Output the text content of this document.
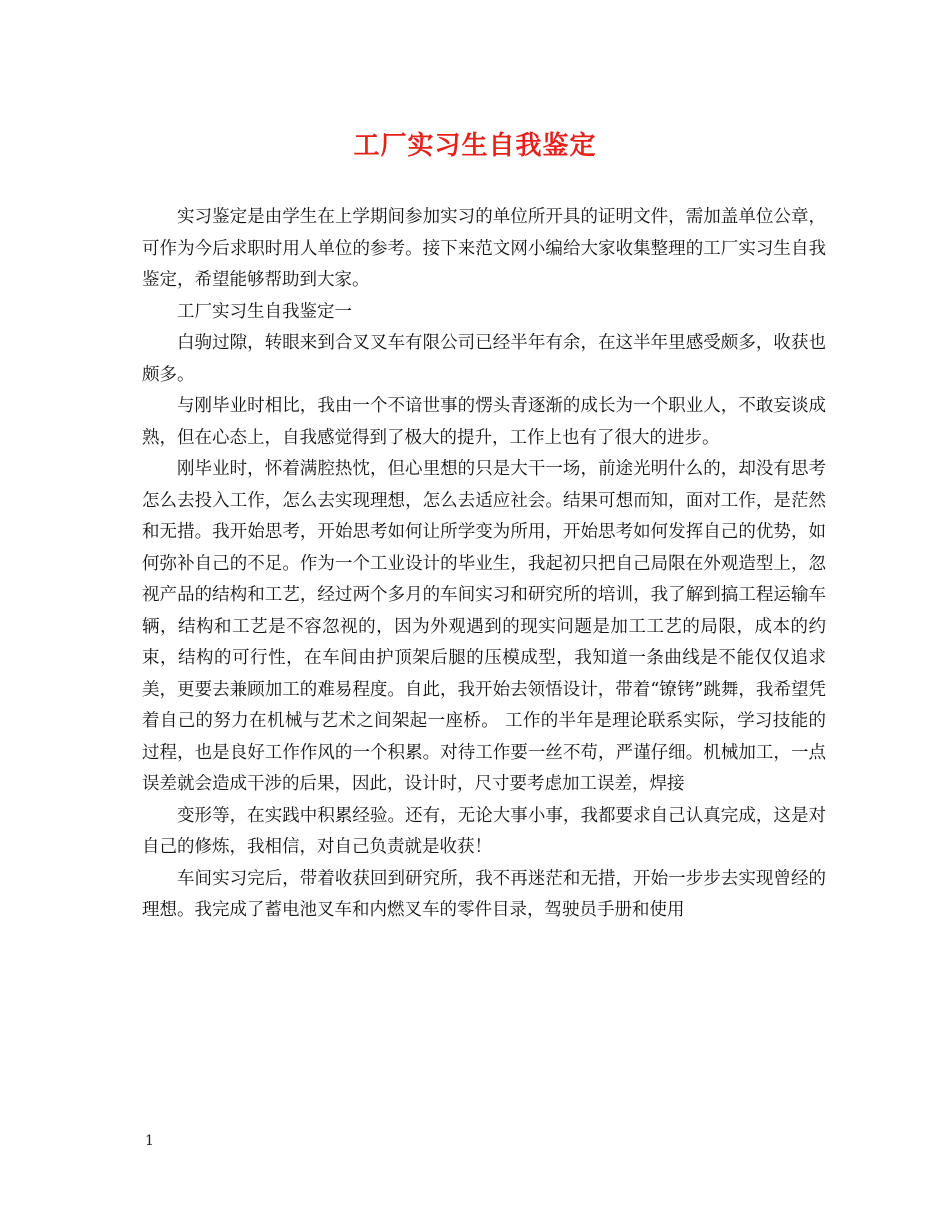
工厂实习生自我鉴定

实习鉴定是由学生在上学期间参加实习的单位所开具的证明文件，需加盖单位公章，可作为今后求职时用人单位的参考。接下来范文网小编给大家收集整理的工厂实习生自我鉴定，希望能够帮助到大家。

工厂实习生自我鉴定一

白驹过隙，转眼来到合叉叉车有限公司已经半年有余，在这半年里感受颇多，收获也颇多。

与刚毕业时相比，我由一个不谙世事的愣头青逐渐的成长为一个职业人，不敢妄谈成熟，但在心态上，自我感觉得到了极大的提升，工作上也有了很大的进步。

刚毕业时，怀着满腔热忱，但心里想的只是大干一场，前途光明什么的，却没有思考怎么去投入工作，怎么去实现理想，怎么去适应社会。结果可想而知，面对工作，是茫然和无措。我开始思考，开始思考如何让所学变为所用，开始思考如何发挥自己的优势，如何弥补自己的不足。作为一个工业设计的毕业生，我起初只把自己局限在外观造型上，忽视产品的结构和工艺，经过两个多月的车间实习和研究所的培训，我了解到搞工程运输车辆，结构和工艺是不容忽视的，因为外观遇到的现实问题是加工工艺的局限，成本的约束，结构的可行性，在车间由护顶架后腿的压模成型，我知道一条曲线是不能仅仅追求美，更要去兼顾加工的难易程度。自此，我开始去领悟设计，带着“镣铐”跳舞，我希望凭着自己的努力在机械与艺术之间架起一座桥。 工作的半年是理论联系实际，学习技能的过程，也是良好工作作风的一个积累。对待工作要一丝不苟，严谨仔细。机械加工，一点误差就会造成干涉的后果，因此，设计时，尺寸要考虑加工误差，焊接

变形等，在实践中积累经验。还有，无论大事小事，我都要求自己认真完成，这是对自己的修炼，我相信，对自己负责就是收获！

车间实习完后，带着收获回到研究所，我不再迷茫和无措，开始一步步去实现曾经的理想。我完成了蓄电池叉车和内燃叉车的零件目录，驾驶员手册和使用

1
